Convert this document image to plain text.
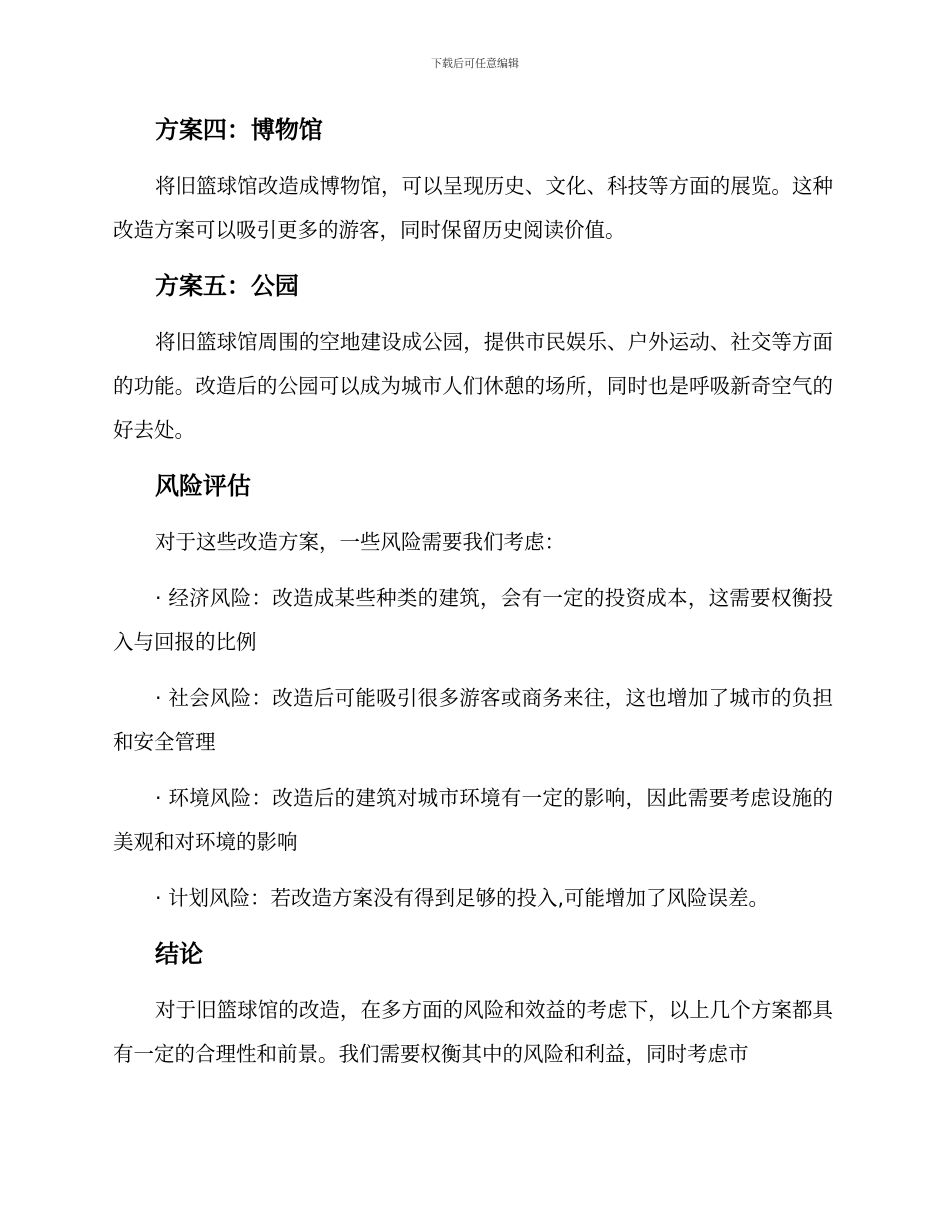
下载后可任意编辑
方案四：博物馆

将旧篮球馆改造成博物馆，可以呈现历史、文化、科技等方面的展览。这种改造方案可以吸引更多的游客，同时保留历史阅读价值。

方案五：公园

将旧篮球馆周围的空地建设成公园，提供市民娱乐、户外运动、社交等方面的功能。改造后的公园可以成为城市人们休憩的场所，同时也是呼吸新奇空气的好去处。

风险评估

对于这些改造方案，一些风险需要我们考虑：

· 经济风险：改造成某些种类的建筑，会有一定的投资成本，这需要权衡投入与回报的比例

· 社会风险：改造后可能吸引很多游客或商务来往，这也增加了城市的负担和安全管理

· 环境风险：改造后的建筑对城市环境有一定的影响，因此需要考虑设施的美观和对环境的影响

· 计划风险：若改造方案没有得到足够的投入,可能增加了风险误差。

结论

对于旧篮球馆的改造，在多方面的风险和效益的考虑下，以上几个方案都具有一定的合理性和前景。我们需要权衡其中的风险和利益，同时考虑市
